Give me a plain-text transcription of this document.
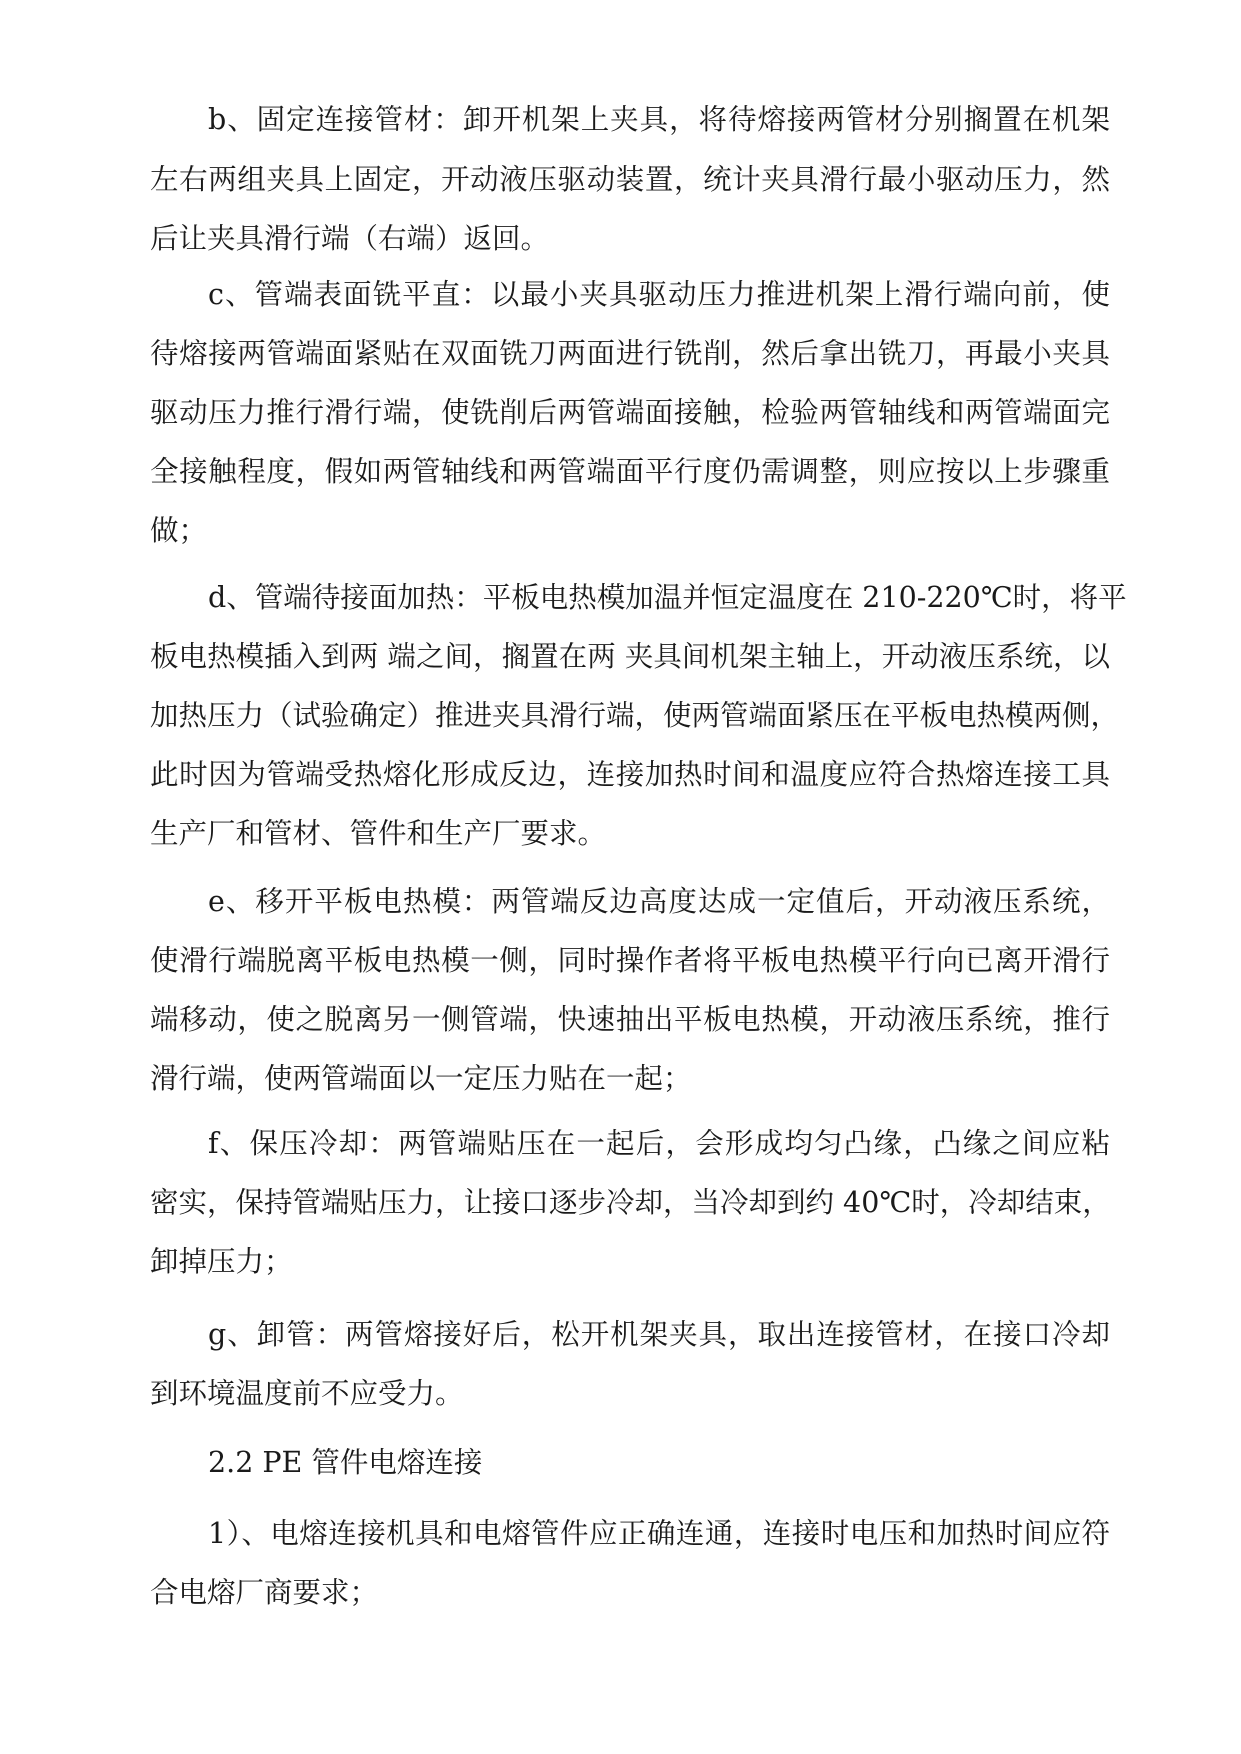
b、固定连接管材：卸开机架上夹具，将待熔接两管材分别搁置在机架
左右两组夹具上固定，开动液压驱动装置，统计夹具滑行最小驱动压力，然
后让夹具滑行端（右端）返回。
c、管端表面铣平直：以最小夹具驱动压力推进机架上滑行端向前，使
待熔接两管端面紧贴在双面铣刀两面进行铣削，然后拿出铣刀，再最小夹具
驱动压力推行滑行端，使铣削后两管端面接触，检验两管轴线和两管端面完
全接触程度，假如两管轴线和两管端面平行度仍需调整，则应按以上步骤重
做；
d、管端待接面加热：平板电热模加温并恒定温度在 210-220℃时，将平
板电热模插入到两 端之间，搁置在两 夹具间机架主轴上，开动液压系统，以
加热压力（试验确定）推进夹具滑行端，使两管端面紧压在平板电热模两侧，
此时因为管端受热熔化形成反边，连接加热时间和温度应符合热熔连接工具
生产厂和管材、管件和生产厂要求。
e、移开平板电热模：两管端反边高度达成一定值后，开动液压系统，
使滑行端脱离平板电热模一侧，同时操作者将平板电热模平行向已离开滑行
端移动，使之脱离另一侧管端，快速抽出平板电热模，开动液压系统，推行
滑行端，使两管端面以一定压力贴在一起；
f、保压冷却：两管端贴压在一起后，会形成均匀凸缘，凸缘之间应粘
密实，保持管端贴压力，让接口逐步冷却，当冷却到约 40℃时，冷却结束，
卸掉压力；
g、卸管：两管熔接好后，松开机架夹具，取出连接管材，在接口冷却
到环境温度前不应受力。
2.2 PE 管件电熔连接
1）、电熔连接机具和电熔管件应正确连通，连接时电压和加热时间应符
合电熔厂商要求；
